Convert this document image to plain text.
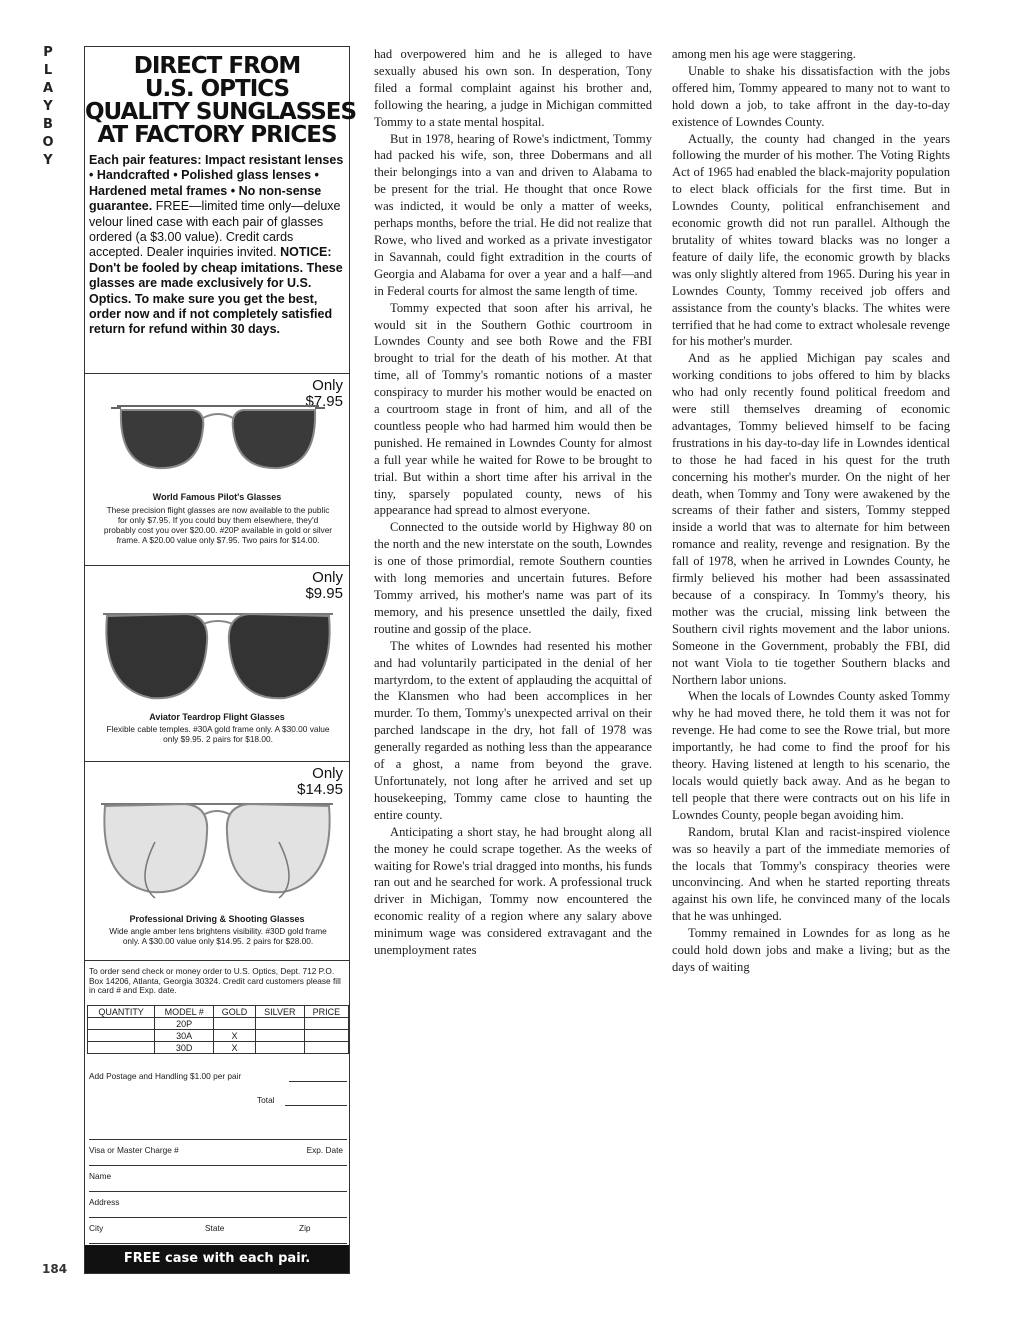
P
L
A
Y
B
O
Y
184
DIRECT FROM
U.S. OPTICS
QUALITY SUNGLASSES
AT FACTORY PRICES
Each pair features: Impact resistant lenses • Handcrafted • Polished glass lenses • Hardened metal frames • No non-sense guarantee. FREE—limited time only—deluxe velour lined case with each pair of glasses ordered (a $3.00 value). Credit cards accepted. Dealer inquiries invited. NOTICE: Don't be fooled by cheap imitations. These glasses are made exclusively for U.S. Optics. To make sure you get the best, order now and if not completely satisfied return for refund within 30 days.
Only
$7.95
World Famous Pilot's Glasses
These precision flight glasses are now available to the public for only $7.95. If you could buy them elsewhere, they'd probably cost you over $20.00. #20P available in gold or silver frame. A $20.00 value only $7.95. Two pairs for $14.00.
Only
$9.95
Aviator Teardrop Flight Glasses
Flexible cable temples. #30A gold frame only. A $30.00 value only $9.95. 2 pairs for $18.00.
Only
$14.95
Professional Driving & Shooting Glasses
Wide angle amber lens brightens visibility. #30D gold frame only. A $30.00 value only $14.95. 2 pairs for $28.00.
To order send check or money order to U.S. Optics, Dept. 712 P.O. Box 14206, Atlanta, Georgia 30324. Credit card customers please fill in card # and Exp. date.
QUANTITY	MODEL #	GOLD	SILVER	PRICE
	20P			
	30A	X		
	30D	X		
Add Postage and Handling $1.00 per pair
Total
Visa or Master Charge #	Exp. Date
Name
Address
City	State	Zip
FREE case with each pair.

had overpowered him and he is alleged to have sexually abused his own son. In desperation, Tony filed a formal complaint against his brother and, following the hearing, a judge in Michigan committed Tommy to a state mental hospital.

But in 1978, hearing of Rowe's indictment, Tommy had packed his wife, son, three Dobermans and all their belongings into a van and driven to Alabama to be present for the trial. He thought that once Rowe was indicted, it would be only a matter of weeks, perhaps months, before the trial. He did not realize that Rowe, who lived and worked as a private investigator in Savannah, could fight extradition in the courts of Georgia and Alabama for over a year and a half—and in Federal courts for almost the same length of time.

Tommy expected that soon after his arrival, he would sit in the Southern Gothic courtroom in Lowndes County and see both Rowe and the FBI brought to trial for the death of his mother. At that time, all of Tommy's romantic notions of a master conspiracy to murder his mother would be enacted on a courtroom stage in front of him, and all of the countless people who had harmed him would then be punished. He remained in Lowndes County for almost a full year while he waited for Rowe to be brought to trial. But within a short time after his arrival in the tiny, sparsely populated county, news of his appearance had spread to almost everyone.

Connected to the outside world by Highway 80 on the north and the new interstate on the south, Lowndes is one of those primordial, remote Southern counties with long memories and uncertain futures. Before Tommy arrived, his mother's name was part of its memory, and his presence unsettled the daily, fixed routine and gossip of the place.

The whites of Lowndes had resented his mother and had voluntarily participated in the denial of her martyrdom, to the extent of applauding the acquittal of the Klansmen who had been accomplices in her murder. To them, Tommy's unexpected arrival on their parched landscape in the dry, hot fall of 1978 was generally regarded as nothing less than the appearance of a ghost, a name from beyond the grave. Unfortunately, not long after he arrived and set up housekeeping, Tommy came close to haunting the entire county.

Anticipating a short stay, he had brought along all the money he could scrape together. As the weeks of waiting for Rowe's trial dragged into months, his funds ran out and he searched for work. A professional truck driver in Michigan, Tommy now encountered the economic reality of a region where any salary above minimum wage was considered extravagant and the unemployment rates

among men his age were staggering.

Unable to shake his dissatisfaction with the jobs offered him, Tommy appeared to many not to want to hold down a job, to take affront in the day-to-day existence of Lowndes County.

Actually, the county had changed in the years following the murder of his mother. The Voting Rights Act of 1965 had enabled the black-majority population to elect black officials for the first time. But in Lowndes County, political enfranchisement and economic growth did not run parallel. Although the brutality of whites toward blacks was no longer a feature of daily life, the economic growth by blacks was only slightly altered from 1965. During his year in Lowndes County, Tommy received job offers and assistance from the county's blacks. The whites were terrified that he had come to extract wholesale revenge for his mother's murder.

And as he applied Michigan pay scales and working conditions to jobs offered to him by blacks who had only recently found political freedom and were still themselves dreaming of economic advantages, Tommy believed himself to be facing frustrations in his day-to-day life in Lowndes identical to those he had faced in his quest for the truth concerning his mother's murder. On the night of her death, when Tommy and Tony were awakened by the screams of their father and sisters, Tommy stepped inside a world that was to alternate for him between romance and reality, revenge and resignation. By the fall of 1978, when he arrived in Lowndes County, he firmly believed his mother had been assassinated because of a conspiracy. In Tommy's theory, his mother was the crucial, missing link between the Southern civil rights movement and the labor unions. Someone in the Government, probably the FBI, did not want Viola to tie together Southern blacks and Northern labor unions.

When the locals of Lowndes County asked Tommy why he had moved there, he told them it was not for revenge. He had come to see the Rowe trial, but more importantly, he had come to find the proof for his theory. Having listened at length to his scenario, the locals would quietly back away. And as he began to tell people that there were contracts out on his life in Lowndes County, people began avoiding him.

Random, brutal Klan and racist-inspired violence was so heavily a part of the immediate memories of the locals that Tommy's conspiracy theories were unconvincing. And when he started reporting threats against his own life, he convinced many of the locals that he was unhinged.

Tommy remained in Lowndes for as long as he could hold down jobs and make a living; but as the days of waiting
